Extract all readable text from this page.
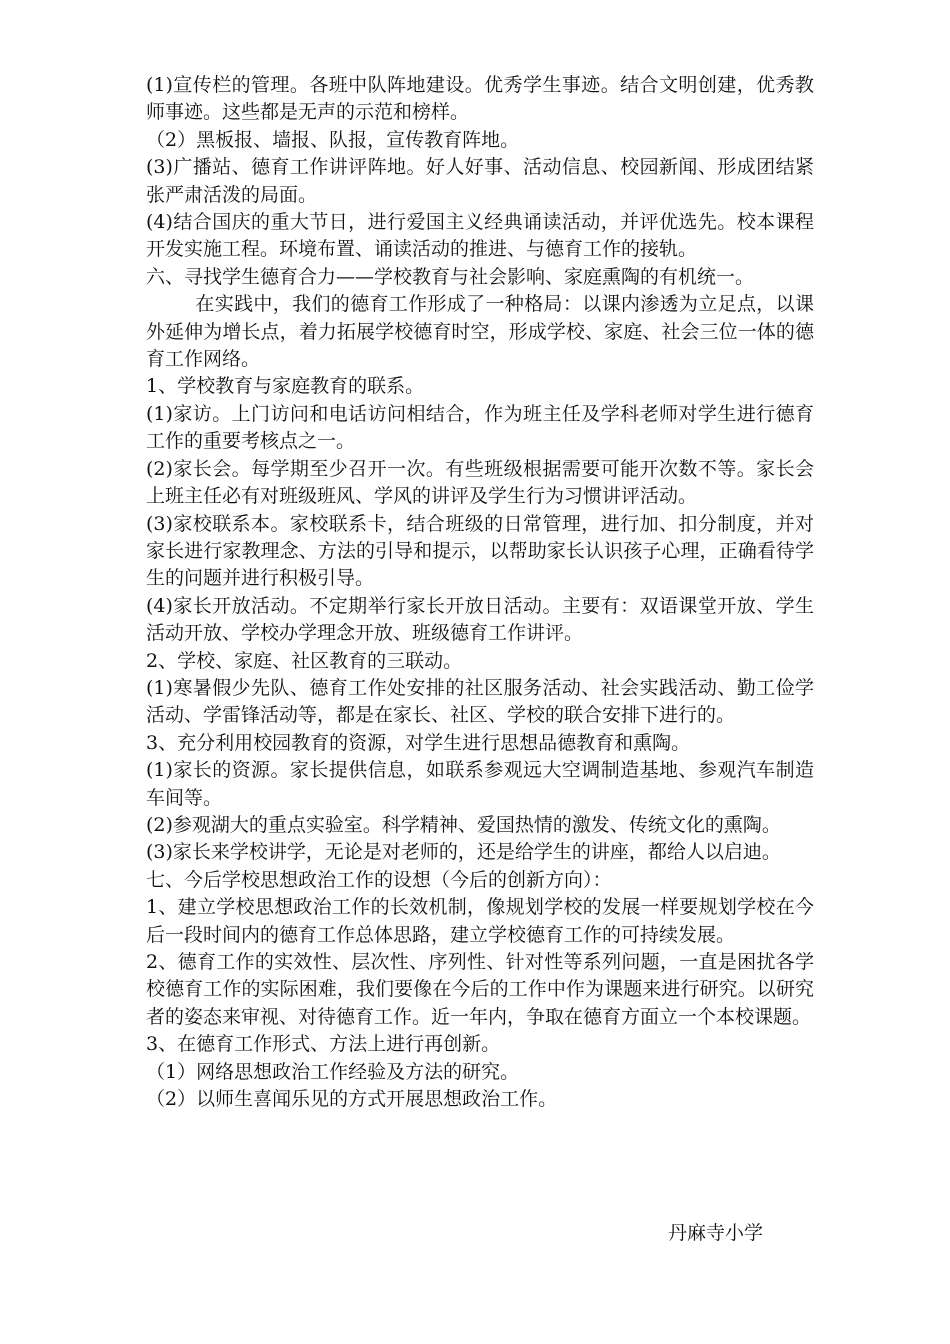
(1)宣传栏的管理。各班中队阵地建设。优秀学生事迹。结合文明创建，优秀教师事迹。这些都是无声的示范和榜样。

（2）黑板报、墙报、队报，宣传教育阵地。

(3)广播站、德育工作讲评阵地。好人好事、活动信息、校园新闻、形成团结紧张严肃活泼的局面。

(4)结合国庆的重大节日，进行爱国主义经典诵读活动，并评优选先。校本课程开发实施工程。环境布置、诵读活动的推进、与德育工作的接轨。

六、寻找学生德育合力——学校教育与社会影响、家庭熏陶的有机统一。

在实践中，我们的德育工作形成了一种格局：以课内渗透为立足点，以课外延伸为增长点，着力拓展学校德育时空，形成学校、家庭、社会三位一体的德育工作网络。

1、学校教育与家庭教育的联系。

(1)家访。上门访问和电话访问相结合，作为班主任及学科老师对学生进行德育工作的重要考核点之一。

(2)家长会。每学期至少召开一次。有些班级根据需要可能开次数不等。家长会上班主任必有对班级班风、学风的讲评及学生行为习惯讲评活动。

(3)家校联系本。家校联系卡，结合班级的日常管理，进行加、扣分制度，并对家长进行家教理念、方法的引导和提示，以帮助家长认识孩子心理，正确看待学生的问题并进行积极引导。

(4)家长开放活动。不定期举行家长开放日活动。主要有：双语课堂开放、学生活动开放、学校办学理念开放、班级德育工作讲评。

2、学校、家庭、社区教育的三联动。

(1)寒暑假少先队、德育工作处安排的社区服务活动、社会实践活动、勤工俭学活动、学雷锋活动等，都是在家长、社区、学校的联合安排下进行的。

3、充分利用校园教育的资源，对学生进行思想品德教育和熏陶。

(1)家长的资源。家长提供信息，如联系参观远大空调制造基地、参观汽车制造车间等。

(2)参观湖大的重点实验室。科学精神、爱国热情的激发、传统文化的熏陶。

(3)家长来学校讲学，无论是对老师的，还是给学生的讲座，都给人以启迪。

七、今后学校思想政治工作的设想（今后的创新方向）：

1、建立学校思想政治工作的长效机制，像规划学校的发展一样要规划学校在今后一段时间内的德育工作总体思路，建立学校德育工作的可持续发展。

2、德育工作的实效性、层次性、序列性、针对性等系列问题，一直是困扰各学校德育工作的实际困难，我们要像在今后的工作中作为课题来进行研究。以研究者的姿态来审视、对待德育工作。近一年内，争取在德育方面立一个本校课题。

3、在德育工作形式、方法上进行再创新。

（1）网络思想政治工作经验及方法的研究。

（2）以师生喜闻乐见的方式开展思想政治工作。

丹麻寺小学
